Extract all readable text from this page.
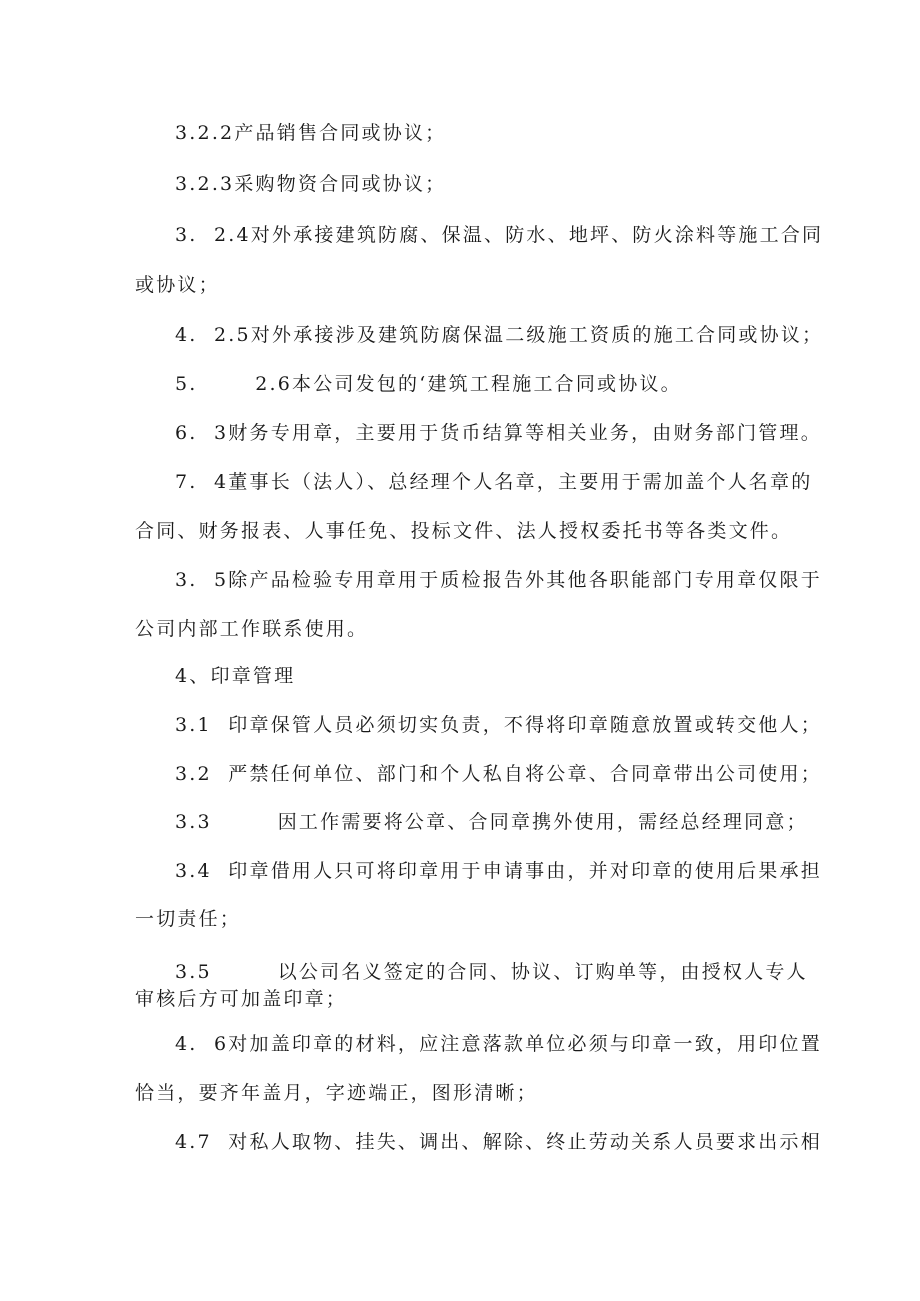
3.2.2产品销售合同或协议；
3.2.3采购物资合同或协议；
3.  2.4对外承接建筑防腐、保温、防水、地坪、防火涂料等施工合同
或协议；
4.  2.5对外承接涉及建筑防腐保温二级施工资质的施工合同或协议；
5.       2.6本公司发包的‘建筑工程施工合同或协议。
6.  3财务专用章，主要用于货币结算等相关业务，由财务部门管理。
7.  4董事长（法人）、总经理个人名章，主要用于需加盖个人名章的
合同、财务报表、人事任免、投标文件、法人授权委托书等各类文件。
3.  5除产品检验专用章用于质检报告外其他各职能部门专用章仅限于
公司内部工作联系使用。
4、印章管理
3.1  印章保管人员必须切实负责，不得将印章随意放置或转交他人；
3.2  严禁任何单位、部门和个人私自将公章、合同章带出公司使用；
3.3        因工作需要将公章、合同章携外使用，需经总经理同意；
3.4  印章借用人只可将印章用于申请事由，并对印章的使用后果承担
一切责任；
3.5        以公司名义签定的合同、协议、订购单等，由授权人专人
审核后方可加盖印章；
4.  6对加盖印章的材料，应注意落款单位必须与印章一致，用印位置
恰当，要齐年盖月，字迹端正，图形清晰；
4.7  对私人取物、挂失、调出、解除、终止劳动关系人员要求出示相
